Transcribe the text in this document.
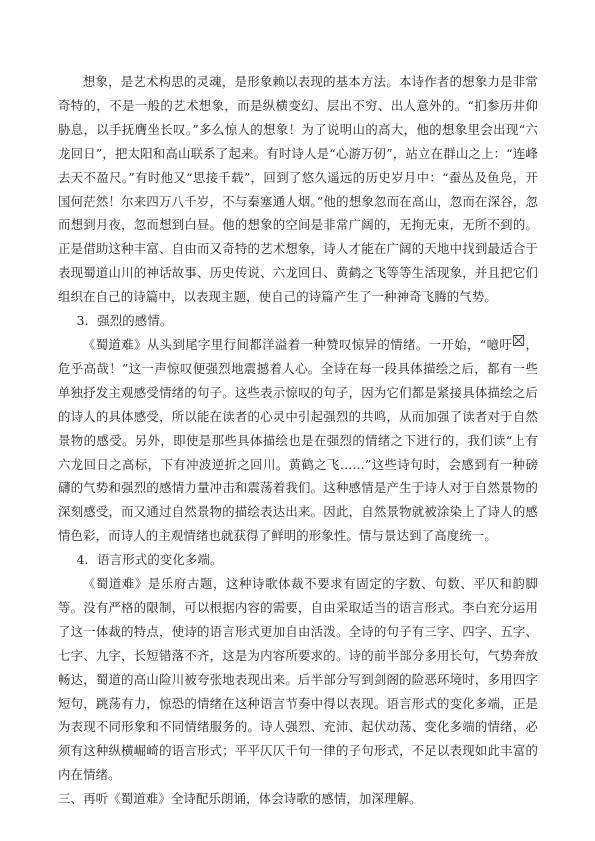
想象，是艺术构思的灵魂，是形象赖以表现的基本方法。本诗作者的想象力是非常奇特的，不是一般的艺术想象，而是纵横变幻、层出不穷、出人意外的。“扪参历井仰胁息，以手抚膺坐长叹。”多么惊人的想象！为了说明山的高大，他的想象里会出现“六龙回日”，把太阳和高山联系了起来。有时诗人是“心游万仞”，站立在群山之上：“连峰去天不盈尺。”有时他又“思接千载”，回到了悠久遥远的历史岁月中：“蚕丛及鱼凫，开国何茫然！尔来四万八千岁，不与秦塞通人烟。”他的想象忽而在高山，忽而在深谷，忽而想到月夜，忽而想到白昼。他的想象的空间是非常广阔的，无拘无束，无所不到的。正是借助这种丰富、自由而又奇特的艺术想象，诗人才能在广阔的天地中找到最适合于表现蜀道山川的神话故事、历史传说、六龙回日、黄鹤之飞等等生活现象，并且把它们组织在自己的诗篇中，以表现主题，使自己的诗篇产生了一种神奇飞腾的气势。

3．强烈的感情。

《蜀道难》从头到尾字里行间都洋溢着一种赞叹惊异的情绪。一开始，“噫吁 ，危乎高哉！”这一声惊叹便强烈地震撼着人心。全诗在每一段具体描绘之后，都有一些单独抒发主观感受情绪的句子。这些表示惊叹的句子，因为它们都是紧接具体描绘之后的诗人的具体感受，所以能在读者的心灵中引起强烈的共鸣，从而加强了读者对于自然景物的感受。另外，即使是那些具体描绘也是在强烈的情绪之下进行的，我们读“上有六龙回日之高标，下有冲波逆折之回川。黄鹤之飞……”这些诗句时，会感到有一种磅礴的气势和强烈的感情力量冲击和震荡着我们。这种感情是产生于诗人对于自然景物的深刻感受，而又通过自然景物的描绘表达出来。因此，自然景物就被涂染上了诗人的感情色彩，而诗人的主观情绪也就获得了鲜明的形象性。情与景达到了高度统一。

4．语言形式的变化多端。

《蜀道难》是乐府古题，这种诗歌体裁不要求有固定的字数、句数、平仄和韵脚等。没有严格的限制，可以根据内容的需要，自由采取适当的语言形式。李白充分运用了这一体裁的特点，使诗的语言形式更加自由活泼。全诗的句子有三字、四字、五字、七字、九字，长短错落不齐，这是为内容所要求的。诗的前半部分多用长句，气势奔放畅达，蜀道的高山险川被夸张地表现出来。后半部分写到剑阁的险恶环境时，多用四字短句，跳荡有力，惊恐的情绪在这种语言节奏中得以表现。语言形式的变化多端，正是为表现不同形象和不同情绪服务的。诗人强烈、充沛、起伏动荡、变化多端的情绪，必须有这种纵横崛崎的语言形式；平平仄仄千句一律的子句形式，不足以表现如此丰富的内在情绪。

三、再听《蜀道难》全诗配乐朗诵，体会诗歌的感情，加深理解。
